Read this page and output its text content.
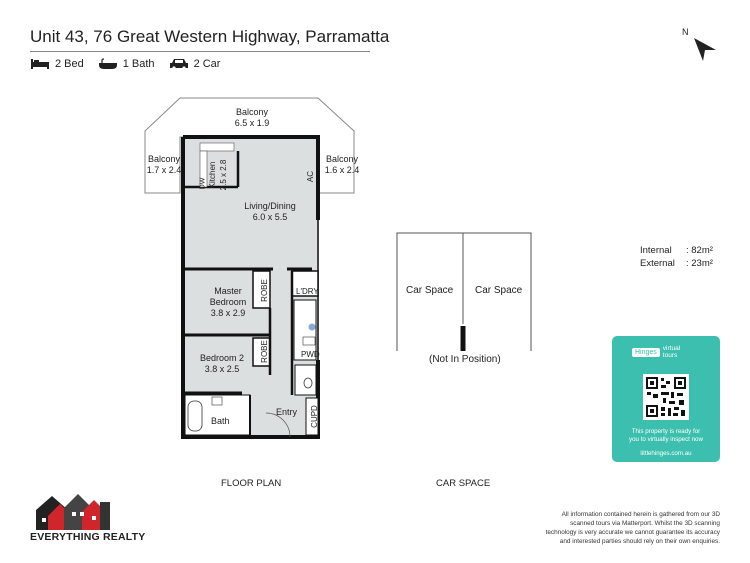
Unit 43, 76 Great Western Highway, Parramatta
2 Bed	1 Bath	2 Car
N
Balcony
6.5 x 1.9
Balcony
1.7 x 2.4
Balcony
1.6 x 2.4
Kitchen 2.5 x 2.8
DW
AC
Living/Dining
6.0 x 5.5
Master
Bedroom
3.8 x 2.9
ROBE	L'DRY
Bedroom 2
3.8 x 2.5
ROBE	PWD
Bath
Entry CUPD
Car Space Car Space
(Not In Position)
Internal	: 82m²
External	: 23m²
Hinges virtual
tours
This property is ready for
you to virtually inspect now
littlehinges.com.au
FLOOR PLAN	CAR SPACE
EVERYTHING REALTY
All information contained herein is gathered from our 3D
scanned tours via Matterport. Whilst the 3D scanning
technology is very accurate we cannot guarantee its accuracy
and interested parties should rely on their own enquiries.
